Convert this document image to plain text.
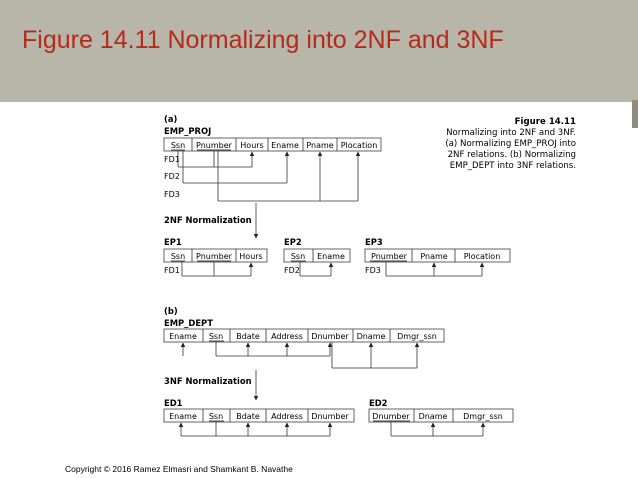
Figure 14.11 Normalizing into 2NF and 3NF
(a)
EMP_PROJ
Ssn Pnumber Hours Ename Pname Plocation
FD1
FD2
FD3
2NF Normalization
EP1
Ssn Pnumber Hours
FD1
EP2
Ssn Ename
FD2
EP3
Pnumber Pname Plocation
FD3
(b)
EMP_DEPT
Ename Ssn Bdate Address Dnumber Dname Dmgr_ssn
3NF Normalization
ED1
Ename Ssn Bdate Address Dnumber
ED2
Dnumber Dname Dmgr_ssn
Figure 14.11
Normalizing into 2NF and 3NF.
(a) Normalizing EMP_PROJ into
2NF relations. (b) Normalizing
EMP_DEPT into 3NF relations.
Copyright © 2016 Ramez Elmasri and Shamkant B. Navathe
